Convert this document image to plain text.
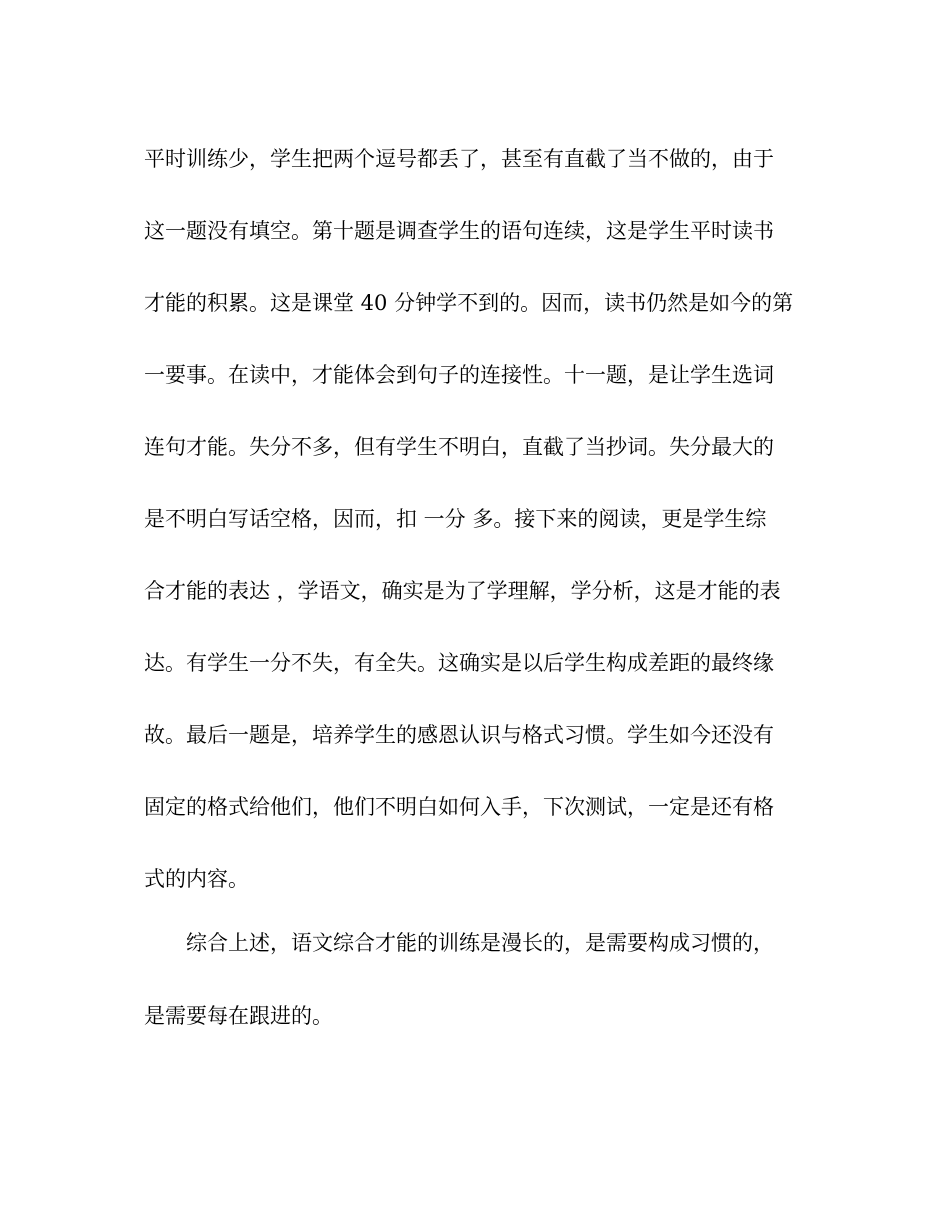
平时训练少，学生把两个逗号都丢了，甚至有直截了当不做的，由于
这一题没有填空。第十题是调查学生的语句连续，这是学生平时读书
才能的积累。这是课堂 40 分钟学不到的。因而，读书仍然是如今的第
一要事。在读中，才能体会到句子的连接性。十一题，是让学生选词
连句才能。失分不多，但有学生不明白，直截了当抄词。失分最大的
是不明白写话空格，因而，扣 一分 多。接下来的阅读，更是学生综
合才能的表达 ，学语文，确实是为了学理解，学分析，这是才能的表
达。有学生一分不失，有全失。这确实是以后学生构成差距的最终缘
故。最后一题是，培养学生的感恩认识与格式习惯。学生如今还没有
固定的格式给他们，他们不明白如何入手，下次测试，一定是还有格
式的内容。
综合上述，语文综合才能的训练是漫长的，是需要构成习惯的，
是需要每在跟进的。
